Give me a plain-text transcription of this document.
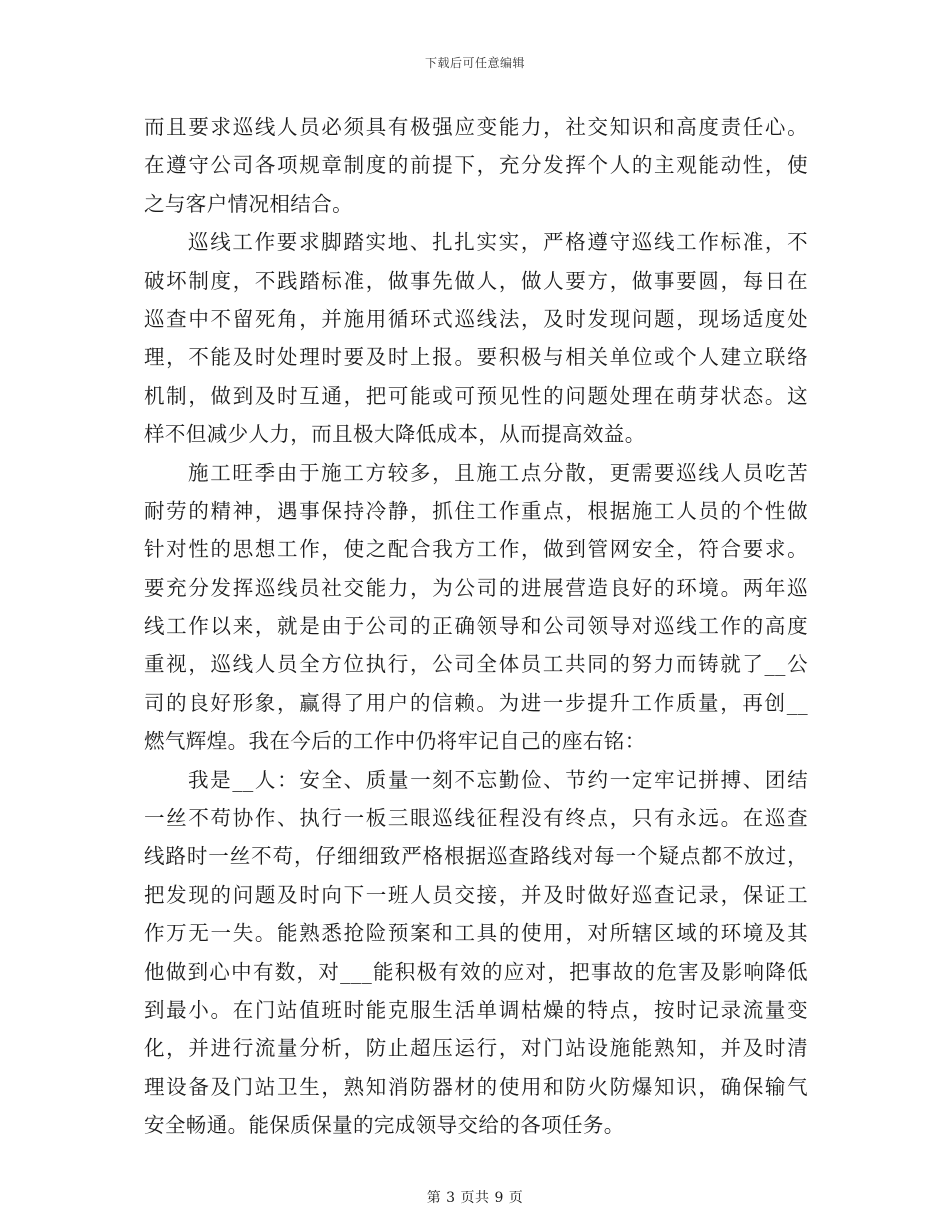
下载后可任意编辑
而且要求巡线人员必须具有极强应变能力，社交知识和高度责任心。
在遵守公司各项规章制度的前提下，充分发挥个人的主观能动性，使
之与客户情况相结合。
巡线工作要求脚踏实地、扎扎实实，严格遵守巡线工作标准，不
破坏制度，不践踏标准，做事先做人，做人要方，做事要圆，每日在
巡查中不留死角，并施用循环式巡线法，及时发现问题，现场适度处
理，不能及时处理时要及时上报。要积极与相关单位或个人建立联络
机制，做到及时互通，把可能或可预见性的问题处理在萌芽状态。这
样不但减少人力，而且极大降低成本，从而提高效益。
施工旺季由于施工方较多，且施工点分散，更需要巡线人员吃苦
耐劳的精神，遇事保持冷静，抓住工作重点，根据施工人员的个性做
针对性的思想工作，使之配合我方工作，做到管网安全，符合要求。
要充分发挥巡线员社交能力，为公司的进展营造良好的环境。两年巡
线工作以来，就是由于公司的正确领导和公司领导对巡线工作的高度
重视，巡线人员全方位执行，公司全体员工共同的努力而铸就了__公
司的良好形象，赢得了用户的信赖。为进一步提升工作质量，再创__
燃气辉煌。我在今后的工作中仍将牢记自己的座右铭：
我是__人：安全、质量一刻不忘勤俭、节约一定牢记拼搏、团结
一丝不苟协作、执行一板三眼巡线征程没有终点，只有永远。在巡查
线路时一丝不苟，仔细细致严格根据巡查路线对每一个疑点都不放过，
把发现的问题及时向下一班人员交接，并及时做好巡查记录，保证工
作万无一失。能熟悉抢险预案和工具的使用，对所辖区域的环境及其
他做到心中有数，对___能积极有效的应对，把事故的危害及影响降低
到最小。在门站值班时能克服生活单调枯燥的特点，按时记录流量变
化，并进行流量分析，防止超压运行，对门站设施能熟知，并及时清
理设备及门站卫生，熟知消防器材的使用和防火防爆知识，确保输气
安全畅通。能保质保量的完成领导交给的各项任务。
第 3 页共 9 页
